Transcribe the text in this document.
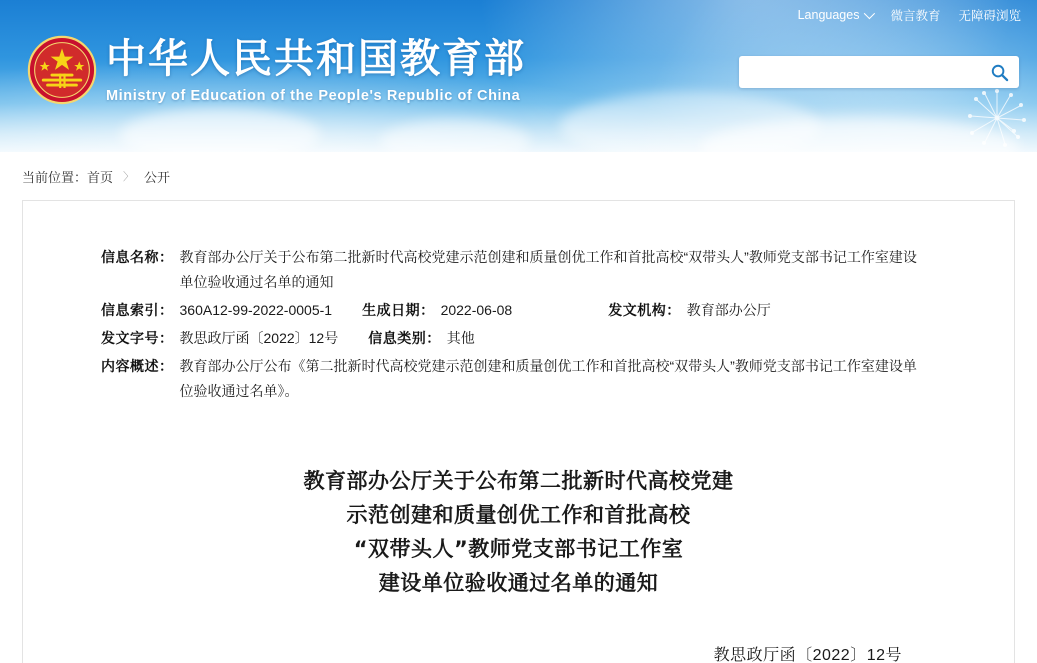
中华人民共和国教育部
Ministry of Education of the People's Republic of China
Languages 微言教育 无障碍浏览
当前位置： 首页 〉 公开
信息名称： 教育部办公厅关于公布第二批新时代高校党建示范创建和质量创优工作和首批高校“双带头人”教师党支部书记工作室建设单位验收通过名单的通知
信息索引： 360A12-99-2022-0005-1 生成日期： 2022-06-08	发文机构： 教育部办公厅
发文字号： 教思政厅函〔2022〕12号 信息类别： 其他
内容概述： 教育部办公厅公布《第二批新时代高校党建示范创建和质量创优工作和首批高校“双带头人”教师党支部书记工作室建设单位验收通过名单》。
教育部办公厅关于公布第二批新时代高校党建
示范创建和质量创优工作和首批高校
“双带头人”教师党支部书记工作室
建设单位验收通过名单的通知
教思政厅函〔2022〕12号
